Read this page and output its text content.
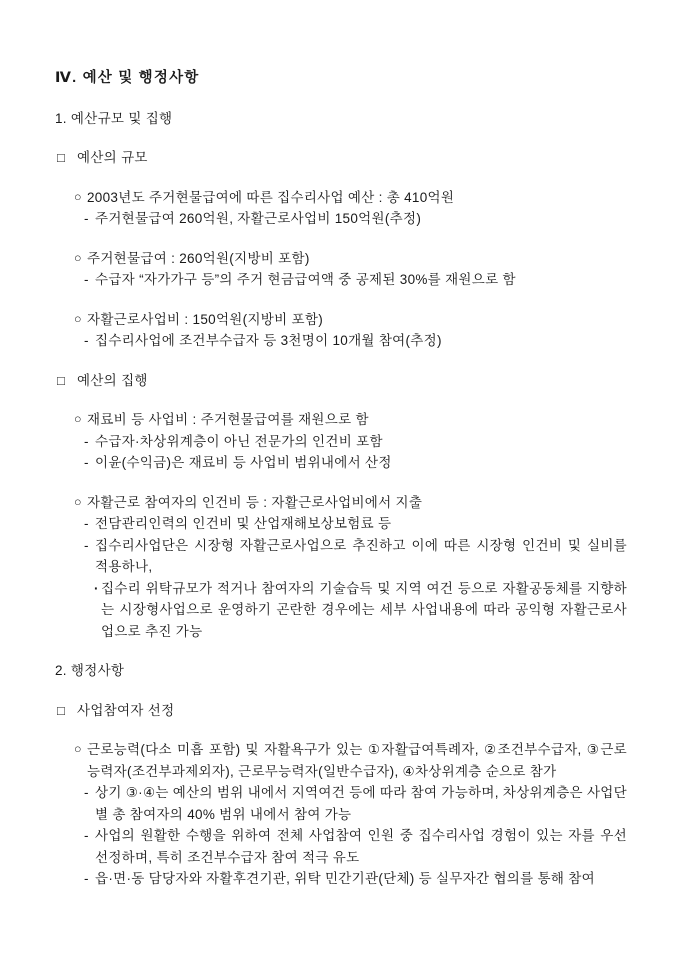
Ⅳ. 예산 및 행정사항
1. 예산규모 및 집행
□ 예산의 규모
○ 2003년도 주거현물급여에 따른 집수리사업 예산 : 총 410억원
- 주거현물급여 260억원, 자활근로사업비 150억원(추정)
○ 주거현물급여 : 260억원(지방비 포함)
- 수급자 “자가가구 등”의 주거 현금급여액 중 공제된 30%를 재원으로 함
○ 자활근로사업비 : 150억원(지방비 포함)
- 집수리사업에 조건부수급자 등 3천명이 10개월 참여(추정)
□ 예산의 집행
○ 재료비 등 사업비 : 주거현물급여를 재원으로 함
- 수급자·차상위계층이 아닌 전문가의 인건비 포함
- 이윤(수익금)은 재료비 등 사업비 범위내에서 산정
○ 자활근로 참여자의 인건비 등 : 자활근로사업비에서 지출
- 전담관리인력의 인건비 및 산업재해보상보험료 등
- 집수리사업단은 시장형 자활근로사업으로 추진하고 이에 따른 시장형 인건비 및 실비를 적용하나,
· 집수리 위탁규모가 적거나 참여자의 기술습득 및 지역 여건 등으로 자활공동체를 지향하는 시장형사업으로 운영하기 곤란한 경우에는 세부 사업내용에 따라 공익형 자활근로사업으로 추진 가능
2. 행정사항
□ 사업참여자 선정
○ 근로능력(다소 미흡 포함) 및 자활욕구가 있는 ①자활급여특례자, ②조건부수급자, ③근로능력자(조건부과제외자), 근로무능력자(일반수급자), ④차상위계층 순으로 참가
- 상기 ③·④는 예산의 범위 내에서 지역여건 등에 따라 참여 가능하며, 차상위계층은 사업단별 총 참여자의 40% 범위 내에서 참여 가능
- 사업의 원활한 수행을 위하여 전체 사업참여 인원 중 집수리사업 경험이 있는 자를 우선 선정하며, 특히 조건부수급자 참여 적극 유도
- 읍·면·동 담당자와 자활후견기관, 위탁 민간기관(단체) 등 실무자간 협의를 통해 참여
